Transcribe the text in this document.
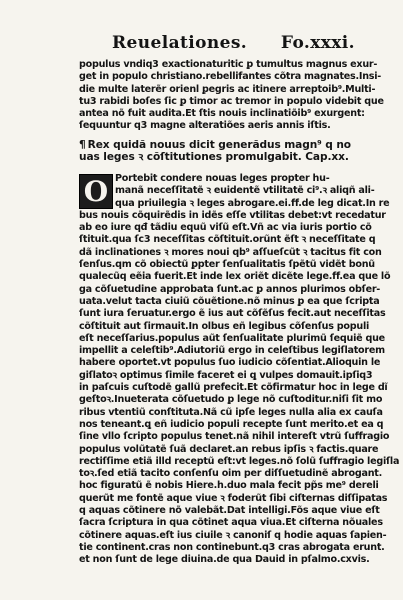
Reuelationes. Fo.xxxi.
populus vndiq3 exactionaturitic ꝑ tumultus magnus exur-
get in populo christiano.rebellifantes cõtra magnates.Insi-
die multe laterẽr orienl ꝑegris ac itinere arreptoib⁹.Multi-
tu3 rabidi boſes ſic ꝑ timor ac tremor in populo videbit que
antea nõ fuit audita.Et ſtis nouis inclinatiõib⁹ exurgent:
ſequuntur q3 magne alteratiões aeris annis iſtis.
¶ Rex quidã nouus dicit generãdus magn⁹ q no
uas leges ꝛ cõſtitutiones promulgabit. Cap.xx.
O Portebit condere nouas leges propter hu-
manã neceſſitatẽ ꝛ euidentẽ vtilitatẽ ci⁹.ꝛ aliqñ ali-
qua priuilegia ꝛ leges abrogare.ei.ff.de leg dicat.In re
bus nouis cõquirẽdis in idẽs eſſe vtilitas debet:vt recedatur
ab eo iure qđ tãdiu equũ viſũ eſt.Vñ ac via iuris portio cõ
ſtituit.qua ſc3 neceſſitas cõſtituit.orũnt ẽſt ꝛ neceſſitate q
dã inclinationes ꝛ mores noui qb⁹ aſſueſcũt ꝛ tacitus fit con
ſenſus.qm cõ obiectũ ꝑpter ſenſualitatis ſpẽtũ vidẽt bonũ
qualecũq eẽia fuerit.Et inde lex oriẽt dicẽte lege.ff.ea que lõ
ga cõſuetudine approbata ſunt.ac ꝑ annos plurimos obſer-
uata.velut tacta ciuiũ cõuẽtione.nõ minus ꝑ ea que ſcripta
ſunt iura ſeruatur.ergo ẽ ius aut cõſẽſus fecit.aut neceſſitas
cõſtituit aut ſirmauit.In olbus eñ legibus cõſenſus populi
eſt neceſſarius.populus aũt ſenſualitate plurimũ ſequiẽ que
impellit a celeſtib⁹.Adiutoriũ ergo in celeſtibus legiſlatorem
habere oportet.vt populus ſuo iudicio cõſentiat.Alioquin le
giſlatoꝛ optimus ſimile faceret ei ꝗ vulpes domauit.ipſiq3
in paſcuis cuſtodẽ gallũ prefecit.Et cõfirmatur hoc in lege dĩ
geſtoꝛ.Inueterata cõſuetudo ꝑ lege nõ cuſtoditur.niſi ſit mo
ribus vtentiũ conſtituta.Nã cũ ipſe leges nulla alia ex cauſa
nos teneant.ꝗ eñ iudicio populi recepte ſunt merito.et ea q
ſine vllo ſcripto populus tenet.nã nihil intereſt vtrũ ſuffragio
populus volũtatẽ ſuã declaret.an rebus ipſis ꝛ factis.quare
rectiſſime etiã illd receptũ eſt:vt leges.nõ ſolũ ſuffragio legiſla
toꝛ.ſed etiã tacito conſenſu oim per diſſuetudinẽ abrogant.
hoc figuratũ ẽ nobis Hiere.h.duo mala fecit pp̃s me⁹ dereli
querũt me fontẽ aque viue ꝛ foderũt ſibi ciſternas diſſipatas
q aquas cõtinere nõ valebãt.Dat intelligi.Fõs aque viue eſt
ſacra ſcriptura in qua cõtinet aqua viua.Et ciſterna nõuales
cõtinere aquas.eſt ius ciuile ꝛ canoniſ q hodie aquas ſapien-
tie continent.cras non continebunt.q3 cras abrogata erunt.
et non ſunt de lege diuina.de qua Dauid in pſalmo.cxvis.
